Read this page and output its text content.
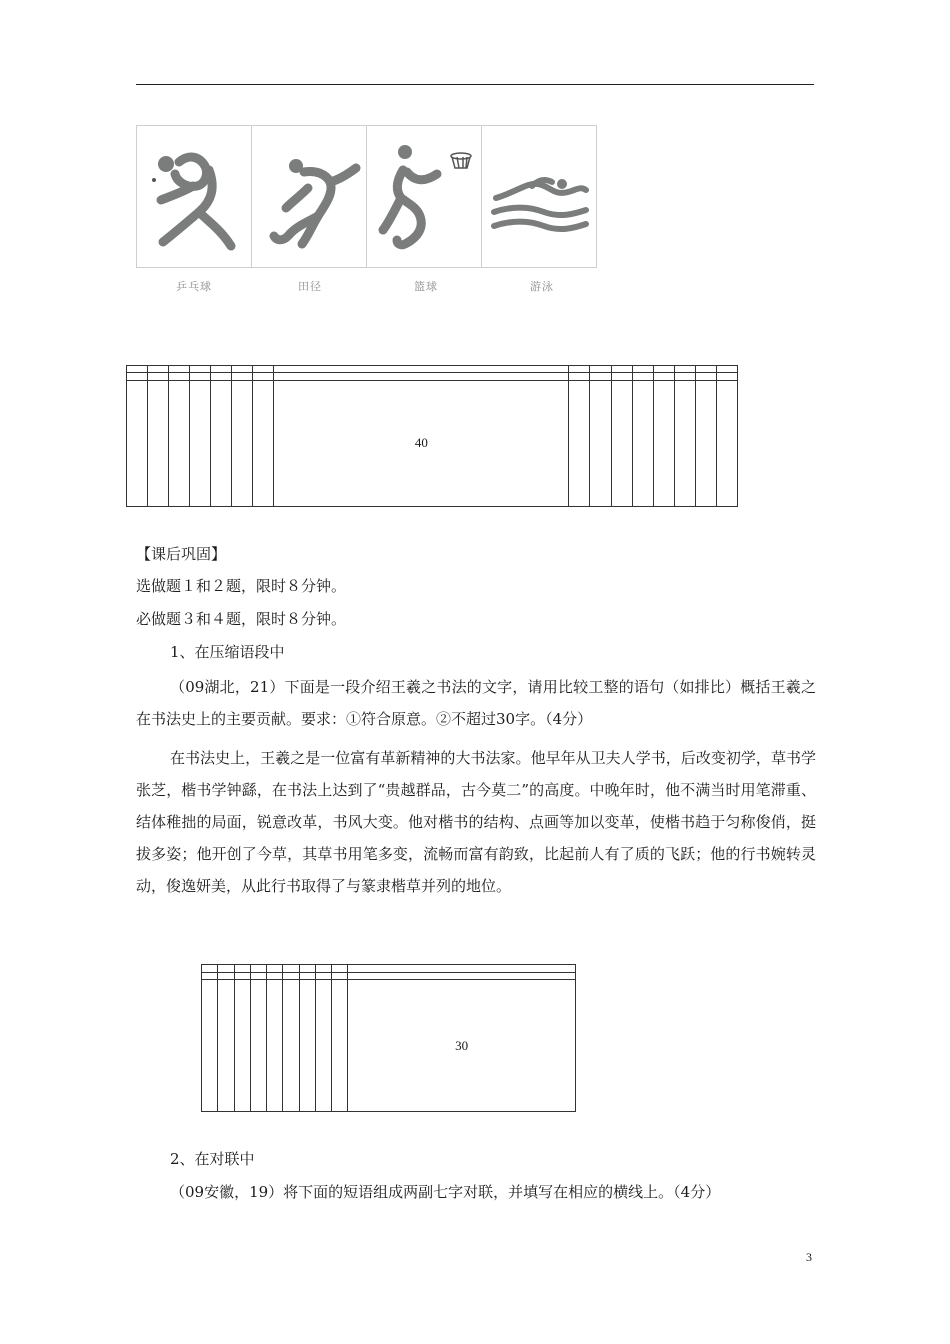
乒乓球	田径	篮球	游泳

							40								
【课后巩固】
选做题１和２题，限时８分钟。
必做题３和４题，限时８分钟。
1、在压缩语段中
（09湖北，21）下面是一段介绍王羲之书法的文字，请用比较工整的语句（如排比）概括王羲之在书法史上的主要贡献。要求：①符合原意。②不超过30字。（4分）
在书法史上，王羲之是一位富有革新精神的大书法家。他早年从卫夫人学书，后改变初学，草书学张芝，楷书学钟繇，在书法上达到了“贵越群品，古今莫二”的高度。中晚年时，他不满当时用笔滞重、结体稚拙的局面，锐意改革，书风大变。他对楷书的结构、点画等加以变革，使楷书趋于匀称俊俏，挺拔多姿；他开创了今草，其草书用笔多变，流畅而富有韵致，比起前人有了质的飞跃；他的行书婉转灵动，俊逸妍美，从此行书取得了与篆隶楷草并列的地位。

									30
2、在对联中
（09安徽，19）将下面的短语组成两副七字对联，并填写在相应的横线上。（4分）
3
